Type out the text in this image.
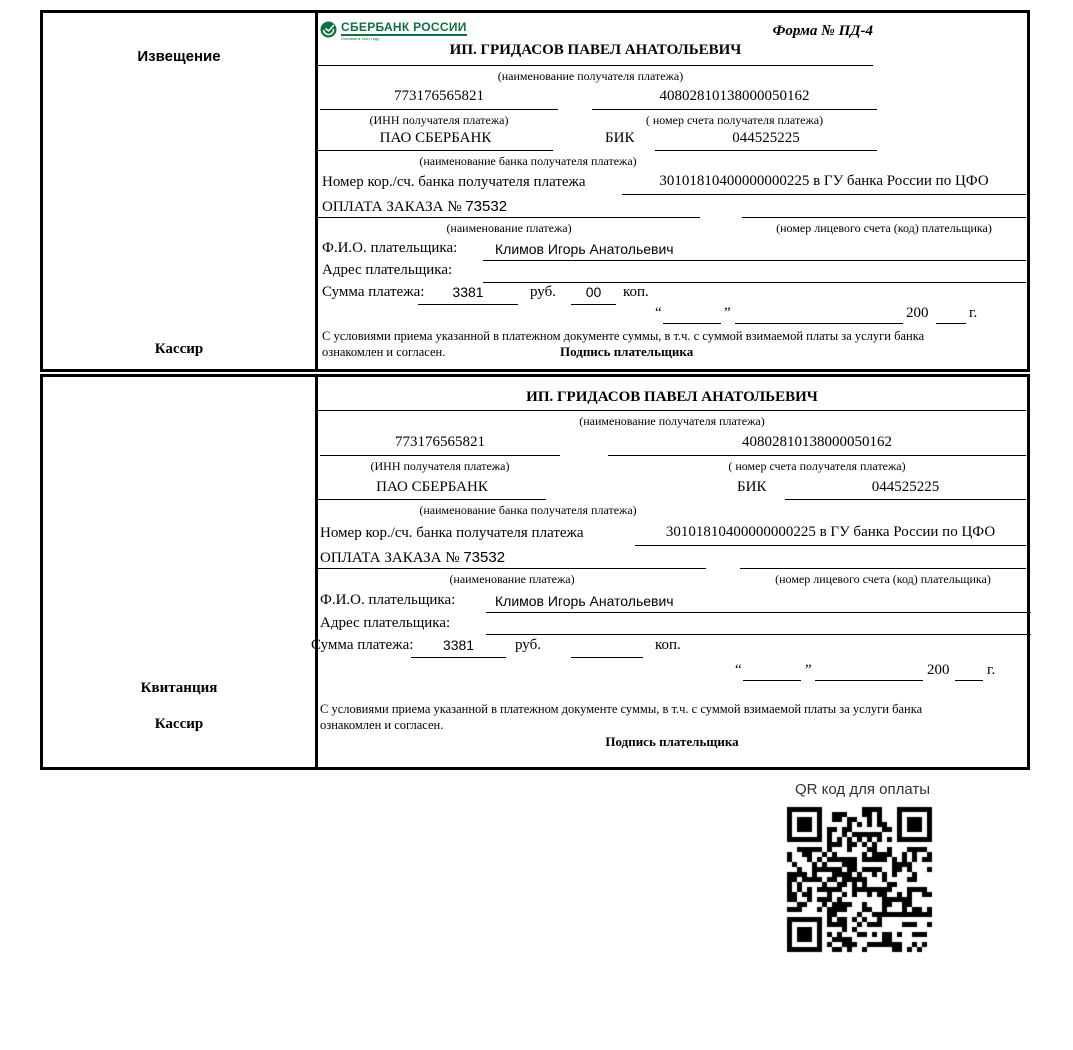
Извещение
Кассир
СБЕРБАНК РОССИИ
Основан в 1841 году	Форма № ПД-4
ИП. ГРИДАСОВ ПАВЕЛ АНАТОЛЬЕВИЧ
(наименование получателя платежа)
773176565821	40802810138000050162
(ИНН получателя платежа)	( номер счета получателя платежа)
ПАО СБЕРБАНК	БИК	044525225
(наименование банка получателя платежа)
Номер кор./сч. банка получателя платежа	30101810400000000225 в ГУ банка России по ЦФО
ОПЛАТА ЗАКАЗА № 73532
(наименование платежа)	(номер лицевого счета (код) плательщика)
Ф.И.О. плательщика:	Климов Игорь Анатольевич
Адрес плательщика:
Сумма платежа:	3381	руб.	00	коп.
“	”	200	г.
С условиями приема указанной в платежном документе суммы, в т.ч. с суммой взимаемой платы за услуги банка
ознакомлен и согласен.	Подпись плательщика
Квитанция
Кассир
ИП. ГРИДАСОВ ПАВЕЛ АНАТОЛЬЕВИЧ
(наименование получателя платежа)
773176565821	40802810138000050162
(ИНН получателя платежа)	( номер счета получателя платежа)
ПАО СБЕРБАНК	БИК	044525225
(наименование банка получателя платежа)
Номер кор./сч. банка получателя платежа	30101810400000000225 в ГУ банка России по ЦФО
ОПЛАТА ЗАКАЗА № 73532
(наименование платежа)	(номер лицевого счета (код) плательщика)
Ф.И.О. плательщика:	Климов Игорь Анатольевич
Адрес плательщика:
Сумма платежа:	3381	руб.	коп.
“	”	200	г.
С условиями приема указанной в платежном документе суммы, в т.ч. с суммой взимаемой платы за услуги банка
ознакомлен и согласен.
Подпись плательщика
QR код для оплаты
